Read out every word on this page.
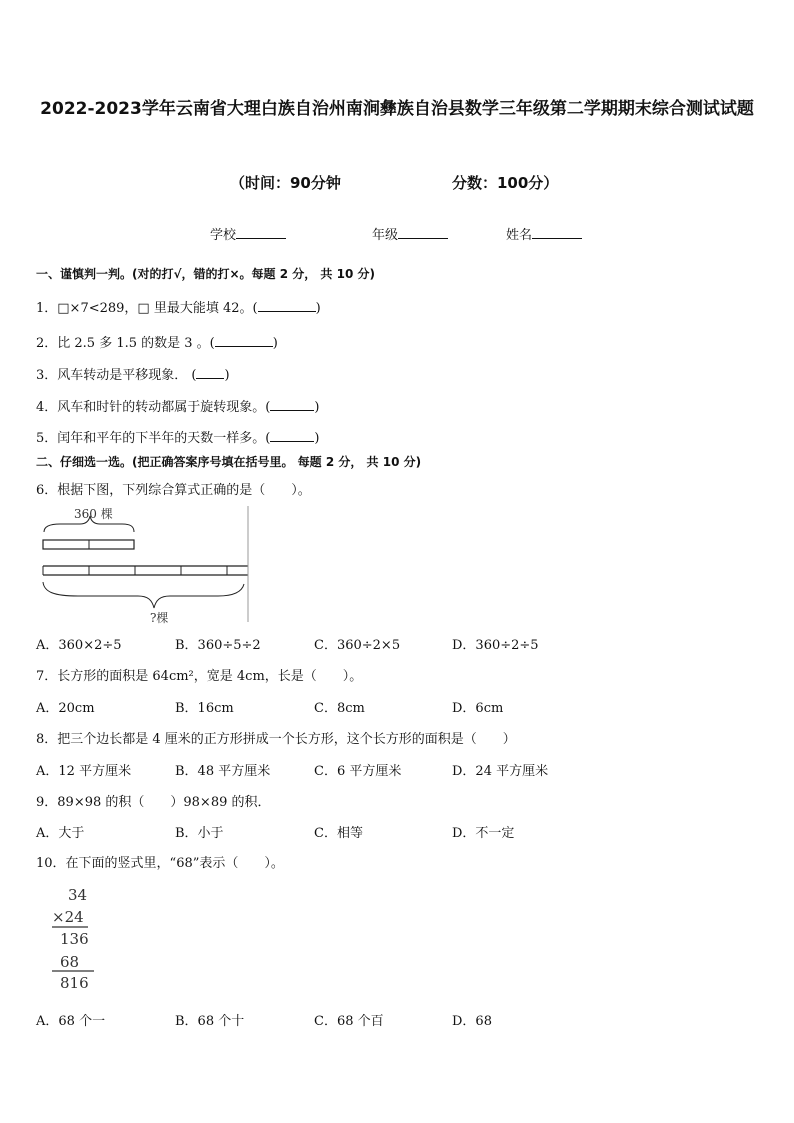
2022-2023学年云南省大理白族自治州南涧彝族自治县数学三年级第二学期期末综合测试试题
（时间：90分钟	分数：100分）
学校	年级	姓名
一、谨慎判一判。(对的打√，错的打×。每题 2 分， 共 10 分)
1．□×7<289，□ 里最大能填 42。(	)
2．比 2.5 多 1.5 的数是 3 。(	)
3．风车转动是平移现象． ( )
4．风车和时针的转动都属于旋转现象。(	)
5．闰年和平年的下半年的天数一样多。(	)
二、仔细选一选。(把正确答案序号填在括号里。 每题 2 分， 共 10 分)
6．根据下图，下列综合算式正确的是（　　）。
360 棵
?棵
A．360×2÷5	B．360÷5÷2	C．360÷2×5	D．360÷2÷5
7．长方形的面积是 64cm²，宽是 4cm，长是（　　）。
A．20cm	B．16cm	C．8cm	D．6cm
8．把三个边长都是 4 厘米的正方形拼成一个长方形，这个长方形的面积是（　　）
A．12 平方厘米	B．48 平方厘米	C．6 平方厘米	D．24 平方厘米
9．89×98 的积（　　）98×89 的积．
A．大于	B．小于	C．相等	D．不一定
10．在下面的竖式里，“68”表示（　　）。
34
×24
136
68
816
A．68 个一	B．68 个十	C．68 个百	D．68
